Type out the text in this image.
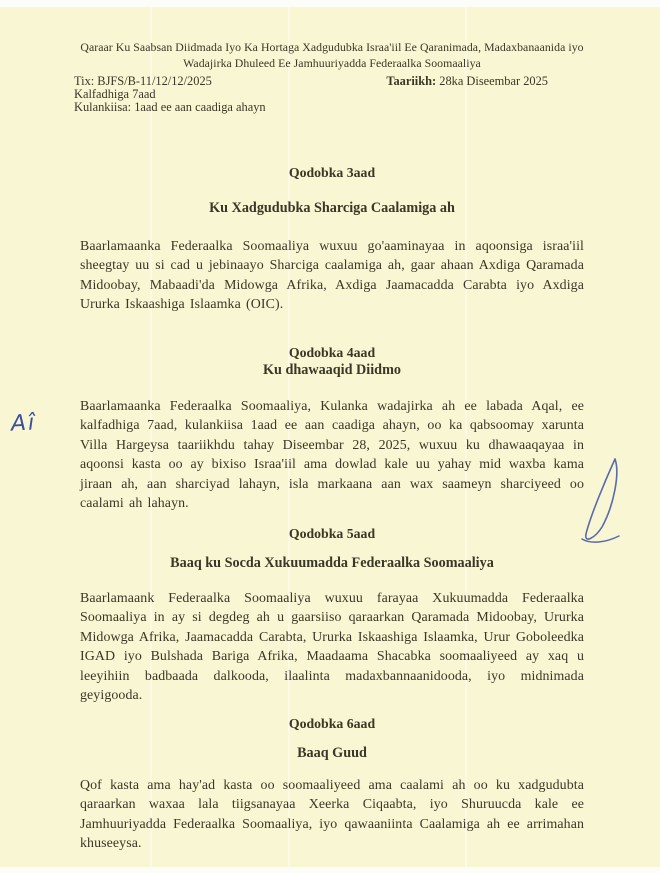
Qaraar Ku Saabsan Diidmada Iyo Ka Hortaga Xadgudubka Israa'iil Ee Qaranimada, Madaxbanaanida iyo Wadajirka Dhuleed Ee Jamhuuriyadda Federaalka Soomaaliya
Tix: BJFS/B-11/12/12/2025	Taariikh: 28ka Diseembar 2025
Kalfadhiga 7aad
Kulankiisa: 1aad ee aan caadiga ahayn

Qodobka 3aad

Ku Xadgudubka Sharciga Caalamiga ah

Baarlamaanka Federaalka Soomaaliya wuxuu go'aaminayaa in aqoonsiga israa'iil sheegtay uu si cad u jebinaayo Sharciga caalamiga ah, gaar ahaan Axdiga Qaramada Midoobay, Mabaadi'da Midowga Afrika, Axdiga Jaamacadda Carabta iyo Axdiga Ururka Iskaashiga Islaamka (OIC).

Qodobka 4aad

Ku dhawaaqid Diidmo

Baarlamaanka Federaalka Soomaaliya, Kulanka wadajirka ah ee labada Aqal, ee kalfadhiga 7aad, kulankiisa 1aad ee aan caadiga ahayn, oo ka qabsoomay xarunta Villa Hargeysa taariikhdu tahay Diseembar 28, 2025, wuxuu ku dhawaaqayaa in aqoonsi kasta oo ay bixiso Israa'iil ama dowlad kale uu yahay mid waxba kama jiraan ah, aan sharciyad lahayn, isla markaana aan wax saameyn sharciyeed oo caalami ah lahayn.

Qodobka 5aad

Baaq ku Socda Xukuumadda Federaalka Soomaaliya

Baarlamaank Federaalka Soomaaliya wuxuu farayaa Xukuumadda Federaalka Soomaaliya in ay si degdeg ah u gaarsiiso qaraarkan Qaramada Midoobay, Ururka Midowga Afrika, Jaamacadda Carabta, Ururka Iskaashiga Islaamka, Urur Goboleedka IGAD iyo Bulshada Bariga Afrika, Maadaama Shacabka soomaaliyeed ay xaq u leeyihiin badbaada dalkooda, ilaalinta madaxbannaanidooda, iyo midnimada geyigooda.

Qodobka 6aad

Baaq Guud

Qof kasta ama hay'ad kasta oo soomaaliyeed ama caalami ah oo ku xadgudubta qaraarkan waxaa lala tiigsanayaa Xeerka Ciqaabta, iyo Shuruucda kale ee Jamhuuriyadda Federaalka Soomaaliya, iyo qawaaniinta Caalamiga ah ee arrimahan khuseeysa.

Aî
